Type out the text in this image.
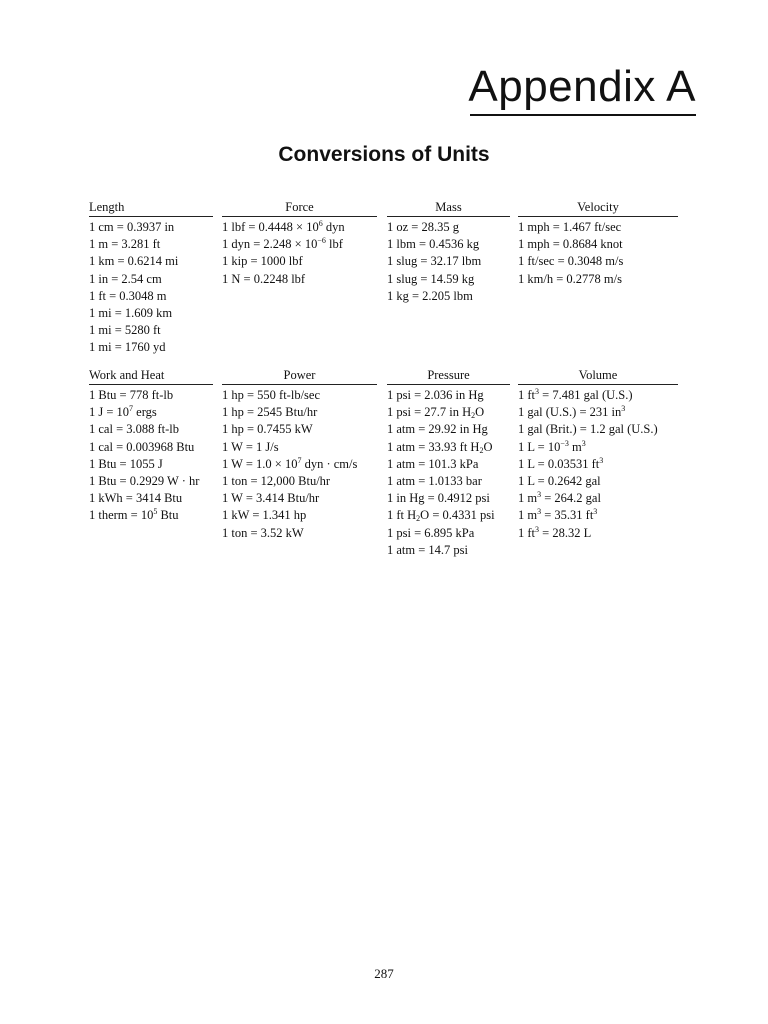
Appendix A
Conversions of Units
Length
1 cm = 0.3937 in
1 m = 3.281 ft
1 km = 0.6214 mi
1 in = 2.54 cm
1 ft = 0.3048 m
1 mi = 1.609 km
1 mi = 5280 ft
1 mi = 1760 yd
Force
1 lbf = $0.4448 \times 10^6$ dyn
1 dyn = $2.248 \times 10^{-6}$ lbf
1 kip = 1000 lbf
1 N = 0.2248 lbf
Mass
1 oz = 28.35 g
1 lbm = 0.4536 kg
1 slug = 32.17 lbm
1 slug = 14.59 kg
1 kg = 2.205 lbm
Velocity
1 mph = 1.467 ft/sec
1 mph = 0.8684 knot
1 ft/sec = 0.3048 m/s
1 km/h = 0.2778 m/s
Work and Heat
1 Btu = 778 ft-lb
1 $J = 10^7$ ergs
1 cal = 3.088 ft-lb
1 cal = 0.003968 Btu
1 Btu = 1055 J
1 Btu = 0.2929 W · hr
1 kWh = 3414 Btu
1 therm = $10^5$ Btu
Power
1 hp = 550 ft-lb/sec
1 hp = 2545 Btu/hr
1 hp = 0.7455 kW
1 W = 1 J/s
1 $W = 1.0 \times 10^7$ dyn · cm/s
1 ton = 12,000 Btu/hr
1 W = 3.414 Btu/hr
1 kW = 1.341 hp
1 ton = 3.52 kW
Pressure
1 psi = 2.036 in Hg
1 psi = 27.7 in $H_2O$
1 atm = 29.92 in Hg
1 atm = 33.93 ft $H_2O$
1 atm = 101.3 kPa
1 atm = 1.0133 bar
1 in Hg = 0.4912 psi
1 ft $H_2O = 0.4331$ psi
1 psi = 6.895 kPa
1 atm = 14.7 psi
Volume
1 $ft^3 = 7.481$ gal (U.S.)
1 gal (U.S.) = 231 $in^3$
1 gal (Brit.) = 1.2 gal (U.S.)
1 $L = 10^{-3}$ $m^3$
1 L = 0.03531 $ft^3$
1 L = 0.2642 gal
1 $m^3 = 264.2$ gal
1 $m^3 = 35.31$ $ft^3$
1 $ft^3 = 28.32$ L
287
